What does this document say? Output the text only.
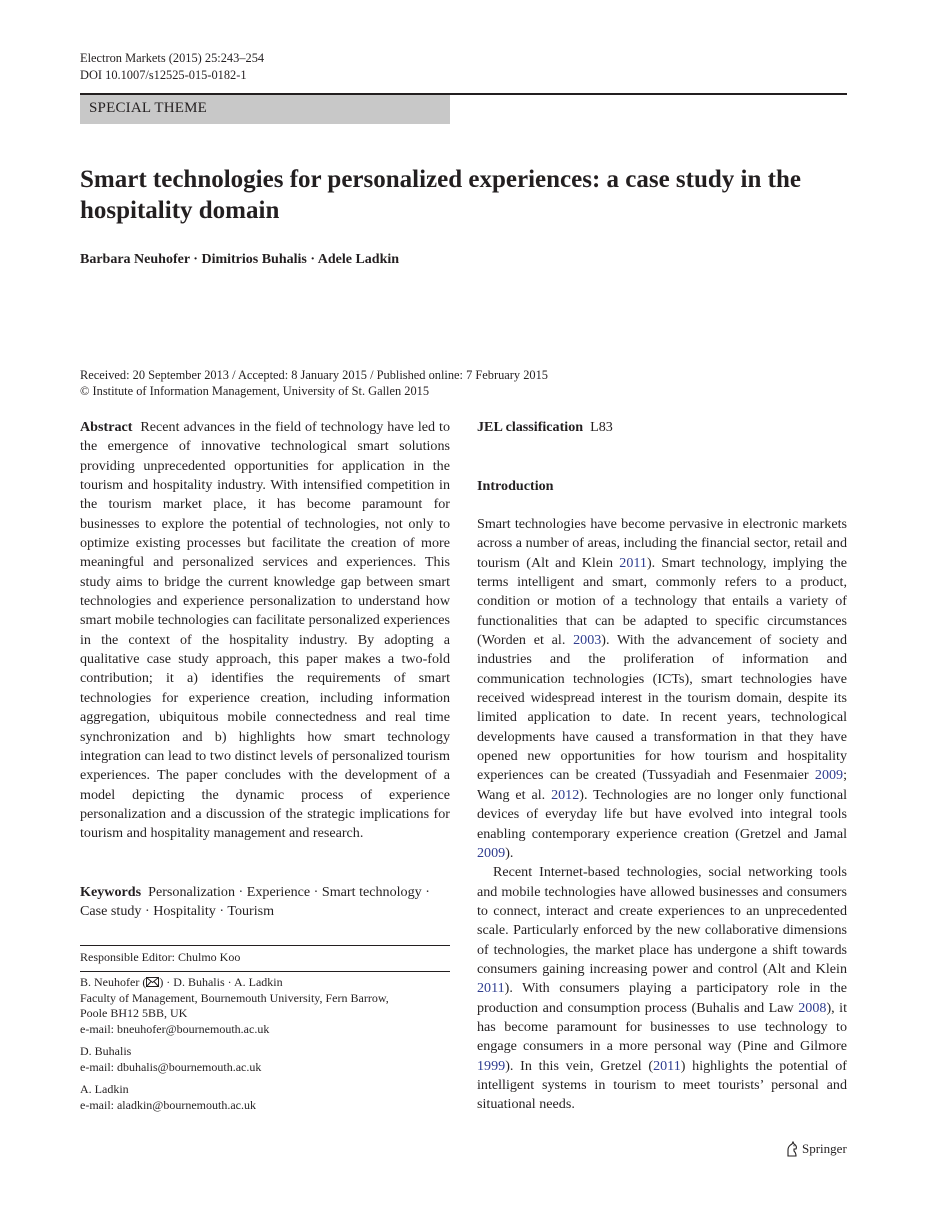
Electron Markets (2015) 25:243–254
DOI 10.1007/s12525-015-0182-1
SPECIAL THEME
Smart technologies for personalized experiences: a case study in the hospitality domain
Barbara Neuhofer · Dimitrios Buhalis · Adele Ladkin
Received: 20 September 2013 / Accepted: 8 January 2015 / Published online: 7 February 2015
© Institute of Information Management, University of St. Gallen 2015

Abstract Recent advances in the field of technology have led to the emergence of innovative technological smart solutions providing unprecedented opportunities for application in the tourism and hospitality industry. With intensified competition in the tourism market place, it has become paramount for businesses to explore the potential of technologies, not only to optimize existing processes but facilitate the creation of more meaningful and personalized services and experiences. This study aims to bridge the current knowledge gap between smart technologies and experience personalization to understand how smart mobile technologies can facilitate personalized experiences in the context of the hospitality industry. By adopting a qualitative case study approach, this paper makes a two-fold contribution; it a) identifies the requirements of smart technologies for experience creation, including information aggregation, ubiquitous mobile connectedness and real time synchronization and b) highlights how smart technology integration can lead to two distinct levels of personalized tourism experiences. The paper concludes with the development of a model depicting the dynamic process of experience personalization and a discussion of the strategic implications for tourism and hospitality management and research.

Keywords Personalization · Experience · Smart technology · Case study · Hospitality · Tourism

Responsible Editor: Chulmo Koo
B. Neuhofer ( ) · D. Buhalis · A. Ladkin
Faculty of Management, Bournemouth University, Fern Barrow,
Poole BH12 5BB, UK
e-mail: bneuhofer@bournemouth.ac.uk
D. Buhalis
e-mail: dbuhalis@bournemouth.ac.uk
A. Ladkin
e-mail: aladkin@bournemouth.ac.uk

JEL classification L83

Introduction

Smart technologies have become pervasive in electronic markets across a number of areas, including the financial sector, retail and tourism (Alt and Klein 2011). Smart technology, implying the terms intelligent and smart, commonly refers to a product, condition or motion of a technology that entails a variety of functionalities that can be adapted to specific circumstances (Worden et al. 2003). With the advancement of society and industries and the proliferation of information and communication technologies (ICTs), smart technologies have received widespread interest in the tourism domain, despite its limited application to date. In recent years, technological developments have caused a transformation in that they have opened new opportunities for how tourism and hospitality experiences can be created (Tussyadiah and Fesenmaier 2009; Wang et al. 2012). Technologies are no longer only functional devices of everyday life but have evolved into integral tools enabling contemporary experience creation (Gretzel and Jamal 2009).

Recent Internet-based technologies, social networking tools and mobile technologies have allowed businesses and consumers to connect, interact and create experiences to an unprecedented scale. Particularly enforced by the new collaborative dimensions of technologies, the market place has undergone a shift towards consumers gaining increasing power and control (Alt and Klein 2011). With consumers playing a participatory role in the production and consumption process (Buhalis and Law 2008), it has become paramount for businesses to use technology to engage consumers in a more personal way (Pine and Gilmore 1999). In this vein, Gretzel (2011) highlights the potential of intelligent systems in tourism to meet tourists’ personal and situational needs.

Springer
